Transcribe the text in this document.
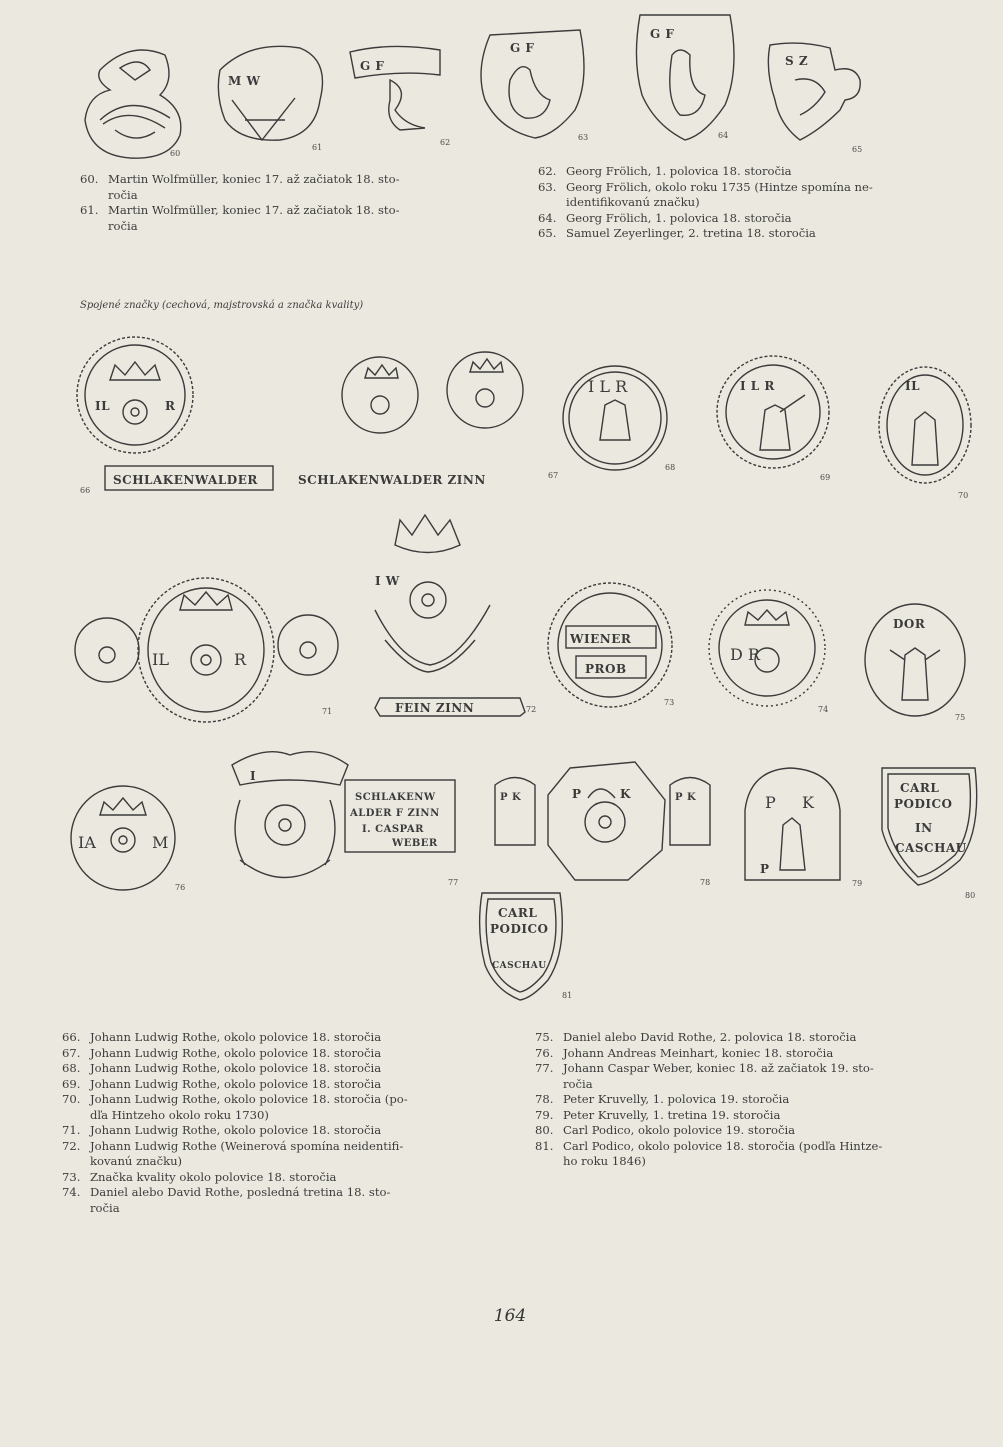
60
M W
61
G F
62
G F
63
G F
64
S Z
65
IL	R
SCHLAKENWALDER
66
SCHLAKENWALDER ZINN	67
I L R
68
I L R
69
IL
70
IL	R
71
I W
FEIN ZINN	72
WIENER
PROB
73
D R
74
DOR
75
IA	M
76
I
SCHLAKENW
ALDER F ZINN
I. CASPAR
WEBER
77
P K	P	K	P K
78
P K
P
79
CARL
PODICO
IN
CASCHAU
80
CARL
PODICO
CASCHAU
81
60. Martin Wolfmüller, koniec 17. až začiatok 18. sto-
ročia
61. Martin Wolfmüller, koniec 17. až začiatok 18. sto-
ročia
62. Georg Frölich, 1. polovica 18. storočia
63. Georg Frölich, okolo roku 1735 (Hintze spomína ne-
identifikovanú značku)
64. Georg Frölich, 1. polovica 18. storočia
65. Samuel Zeyerlinger, 2. tretina 18. storočia
Spojené značky (cechová, majstrovská a značka kvality)
66. Johann Ludwig Rothe, okolo polovice 18. storočia
67. Johann Ludwig Rothe, okolo polovice 18. storočia
68. Johann Ludwig Rothe, okolo polovice 18. storočia
69. Johann Ludwig Rothe, okolo polovice 18. storočia
70. Johann Ludwig Rothe, okolo polovice 18. storočia (po-
dľa Hintzeho okolo roku 1730)
71. Johann Ludwig Rothe, okolo polovice 18. storočia
72. Johann Ludwig Rothe (Weinerová spomína neidentifi-
kovanú značku)
73. Značka kvality okolo polovice 18. storočia
74. Daniel alebo David Rothe, posledná tretina 18. sto-
ročia
75. Daniel alebo David Rothe, 2. polovica 18. storočia
76. Johann Andreas Meinhart, koniec 18. storočia
77. Johann Caspar Weber, koniec 18. až začiatok 19. sto-
ročia
78. Peter Kruvelly, 1. polovica 19. storočia
79. Peter Kruvelly, 1. tretina 19. storočia
80. Carl Podico, okolo polovice 19. storočia
81. Carl Podico, okolo polovice 18. storočia (podľa Hintze-
ho roku 1846)
164
